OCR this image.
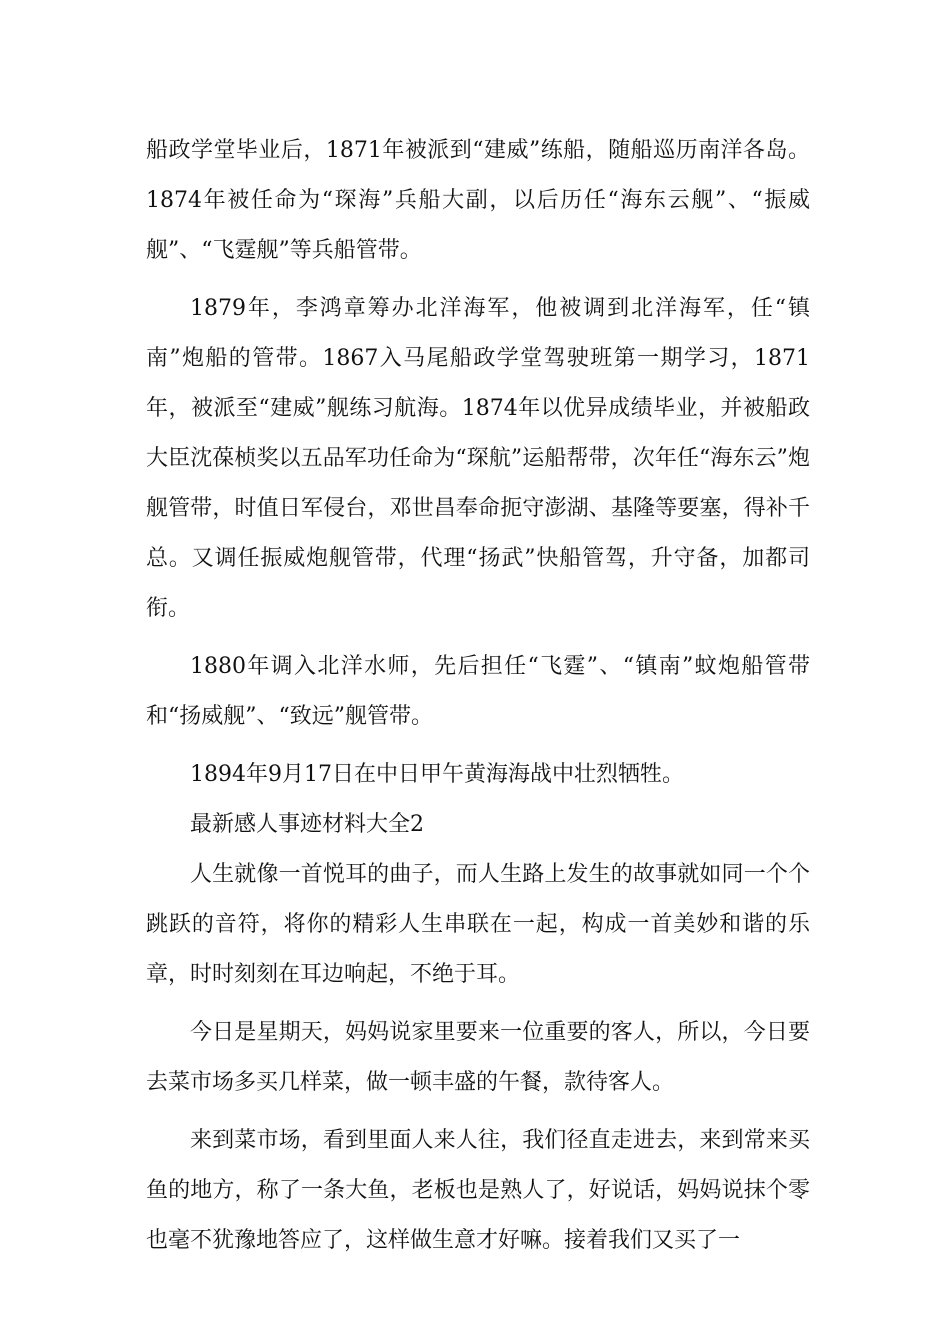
船政学堂毕业后，1871年被派到“建威”练船，随船巡历南洋各岛。1874年被任命为“琛海”兵船大副，以后历任“海东云舰”、“振威舰”、“飞霆舰”等兵船管带。

1879年，李鸿章筹办北洋海军，他被调到北洋海军，任“镇南”炮船的管带。1867入马尾船政学堂驾驶班第一期学习，1871年，被派至“建威”舰练习航海。1874年以优异成绩毕业，并被船政大臣沈葆桢奖以五品军功任命为“琛航”运船帮带，次年任“海东云”炮舰管带，时值日军侵台，邓世昌奉命扼守澎湖、基隆等要塞，得补千总。又调任振威炮舰管带，代理“扬武”快船管驾，升守备，加都司衔。

1880年调入北洋水师，先后担任“飞霆”、“镇南”蚊炮船管带和“扬威舰”、“致远”舰管带。

1894年9月17日在中日甲午黄海海战中壮烈牺牲。

最新感人事迹材料大全2

人生就像一首悦耳的曲子，而人生路上发生的故事就如同一个个跳跃的音符，将你的精彩人生串联在一起，构成一首美妙和谐的乐章，时时刻刻在耳边响起，不绝于耳。

今日是星期天，妈妈说家里要来一位重要的客人，所以，今日要去菜市场多买几样菜，做一顿丰盛的午餐，款待客人。

来到菜市场，看到里面人来人往，我们径直走进去，来到常来买鱼的地方，称了一条大鱼，老板也是熟人了，好说话，妈妈说抹个零也毫不犹豫地答应了，这样做生意才好嘛。接着我们又买了一
